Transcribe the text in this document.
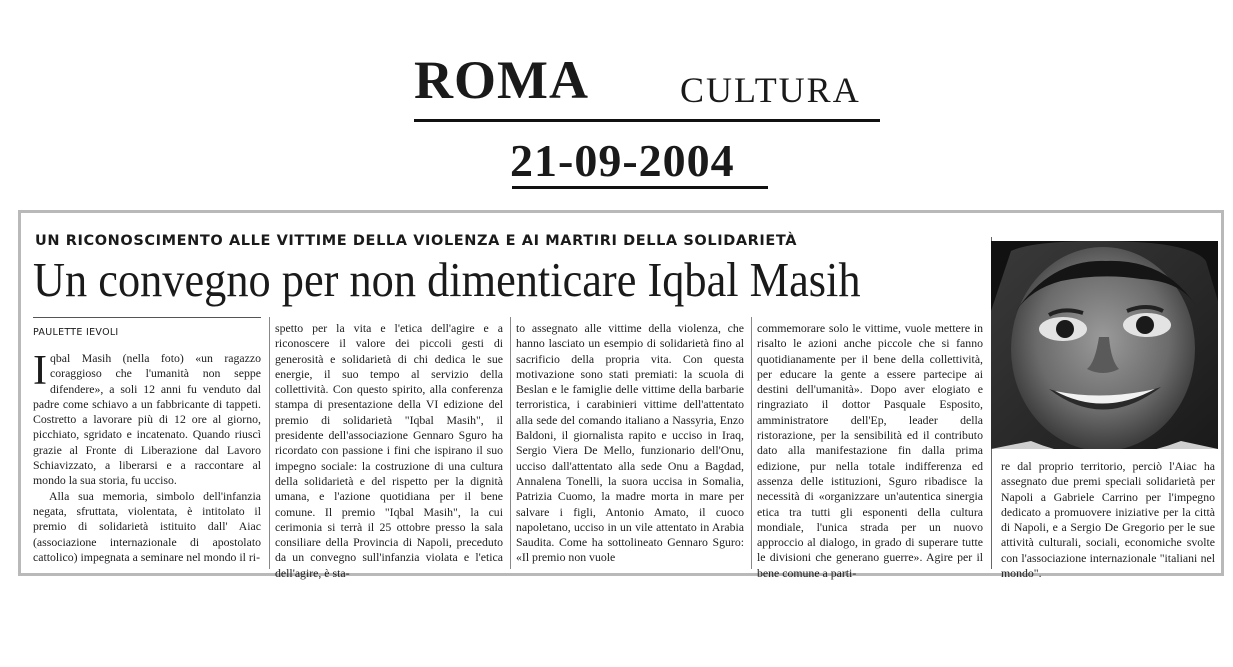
ROMA	CULTURA
21-09-2004
UN RICONOSCIMENTO ALLE VITTIME DELLA VIOLENZA E AI MARTIRI DELLA SOLIDARIETÀ
Un convegno per non dimenticare Iqbal Masih
PAULETTE IEVOLI

Iqbal Masih (nella foto) «un ragazzo coraggioso che l'umanità non seppe difendere», a soli 12 anni fu venduto dal padre come schiavo a un fabbricante di tappeti. Costretto a lavorare più di 12 ore al giorno, picchiato, sgridato e incatenato. Quando riuscì grazie al Fronte di Liberazione dal Lavoro Schiavizzato, a liberarsi e a raccontare al mondo la sua storia, fu ucciso.

Alla sua memoria, simbolo dell'infanzia negata, sfruttata, violentata, è intitolato il premio di solidarietà istituito dall' Aiac (associazione internazionale di apostolato cattolico) impegnata a seminare nel mondo il ri-

spetto per la vita e l'etica dell'agire e a riconoscere il valore dei piccoli gesti di generosità e solidarietà di chi dedica le sue energie, il suo tempo al servizio della collettività. Con questo spirito, alla conferenza stampa di presentazione della VI edizione del premio di solidarietà "Iqbal Masih", il presidente dell'associazione Gennaro Sguro ha ricordato con passione i fini che ispirano il suo impegno sociale: la costruzione di una cultura della solidarietà e del rispetto per la dignità umana, e l'azione quotidiana per il bene comune. Il premio "Iqbal Masih", la cui cerimonia si terrà il 25 ottobre presso la sala consiliare della Provincia di Napoli, preceduto da un convegno sull'infanzia violata e l'etica dell'agire, è sta-

to assegnato alle vittime della violenza, che hanno lasciato un esempio di solidarietà fino al sacrificio della propria vita. Con questa motivazione sono stati premiati: la scuola di Beslan e le famiglie delle vittime della barbarie terroristica, i carabinieri vittime dell'attentato alla sede del comando italiano a Nassyria, Enzo Baldoni, il giornalista rapito e ucciso in Iraq, Sergio Viera De Mello, funzionario dell'Onu, ucciso dall'attentato alla sede Onu a Bagdad, Annalena Tonelli, la suora uccisa in Somalia, Patrizia Cuomo, la madre morta in mare per salvare i figli, Antonio Amato, il cuoco napoletano, ucciso in un vile attentato in Arabia Saudita. Come ha sottolineato Gennaro Sguro: «Il premio non vuole

commemorare solo le vittime, vuole mettere in risalto le azioni anche piccole che si fanno quotidianamente per il bene della collettività, per educare la gente a essere partecipe ai destini dell'umanità». Dopo aver elogiato e ringraziato il dottor Pasquale Esposito, amministratore dell'Ep, leader della ristorazione, per la sensibilità ed il contributo dato alla manifestazione fin dalla prima edizione, pur nella totale indifferenza ed assenza delle istituzioni, Sguro ribadisce la necessità di «organizzare un'autentica sinergia etica tra tutti gli esponenti della cultura mondiale, l'unica strada per un nuovo approccio al dialogo, in grado di superare tutte le divisioni che generano guerre». Agire per il bene comune a parti-

re dal proprio territorio, perciò l'Aiac ha assegnato due premi speciali solidarietà per Napoli a Gabriele Carrino per l'impegno dedicato a promuovere iniziative per la città di Napoli, e a Sergio De Gregorio per le sue attività culturali, sociali, economiche svolte con l'associazione internazionale "italiani nel mondo".
